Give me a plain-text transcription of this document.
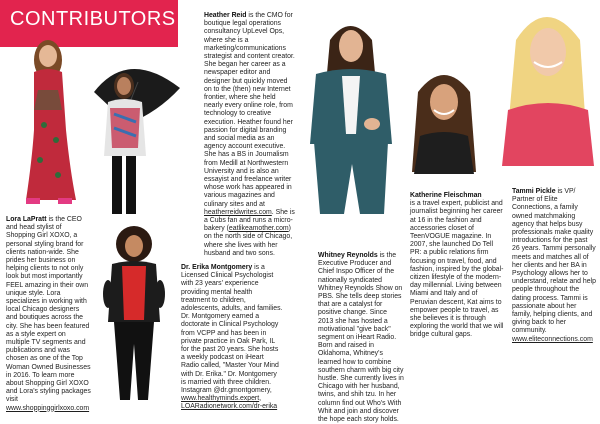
CONTRIBUTORS
Lora LaPratt is the CEO and head stylist of Shopping Girl XOXO, a personal styling brand for clients nation-wide. She prides her business on helping clients to not only look but most importantly FEEL amazing in their own unique style. Lora specializes in working with local Chicago designers and boutiques across the city. She has been featured as a style expert on multiple TV segments and publications and was chosen as one of the Top Woman Owned Businesses in 2016. To learn more about Shopping Girl XOXO and Lora's styling packages visit www.shoppinggirlxoxo.com
Heather Reid is the CMO for boutique legal operations consultancy UpLevel Ops, where she is a marketing/communications strategist and content creator. She began her career as a newspaper editor and designer but quickly moved on to the (then) new Internet frontier, where she held nearly every online role, from technology to creative execution. Heather found her passion for digital branding and social media as an agency account executive. She has a BS in Journalism from Medill at Northwestern University and is also an essayist and freelance writer whose work has appeared in various magazines and culinary sites and at heatherreidwrites.com. She is a Cubs fan and runs a micro-bakery (eatlikeamother.com) on the north side of Chicago, where she lives with her husband and two sons.
Dr. Erika Montgomery is a Licensed Clinical Psychologist with 23 years' experience providing mental health treatment to children, adolescents, adults, and families. Dr. Montgomery earned a doctorate in Clinical Psychology from VCPP and has been in private practice in Oak Park, IL for the past 20 years. She hosts a weekly podcast on iHeart Radio called, "Master Your Mind with Dr. Erika." Dr. Montgomery is married with three children. Instagram @dr.gmontgomery, www.healthyminds.expert, LOARadionetwork.com/dr-erika
Whitney Reynolds is the Executive Producer and Chief Inspo Officer of the nationally syndicated Whitney Reynolds Show on PBS. She tells deep stories that are a catalyst for positive change. Since 2013 she has hosted a motivational "give back" segment on iHeart Radio. Born and raised in Oklahoma, Whitney's learned how to combine southern charm with big city hustle. She currently lives in Chicago with her husband, twins, and shih tzu. In her column find out Who's With Whit and join and discover the hope each story holds.
Katherine Fleischman
is a travel expert, publicist and journalist beginning her career at 16 in the fashion and accessories closet of TeenVOGUE magazine. In 2007, she launched Do Tell PR: a public relations firm focusing on travel, food, and fashion, inspired by the global-citizen lifestyle of the modern-day millennial. Living between Miami and Italy and of Peruvian descent, Kat aims to empower people to travel, as she believes it is through exploring the world that we will bridge cultural gaps.
Tammi Pickle is VP/ Partner of Elite Connections, a family owned matchmaking agency that helps busy professionals make quality introductions for the past 26 years. Tammi personally meets and matches all of her clients and her BA in Psychology allows her to understand, relate and help people throughout the dating process. Tammi is passionate about her family, helping clients, and giving back to her community. www.eliteconnections.com
